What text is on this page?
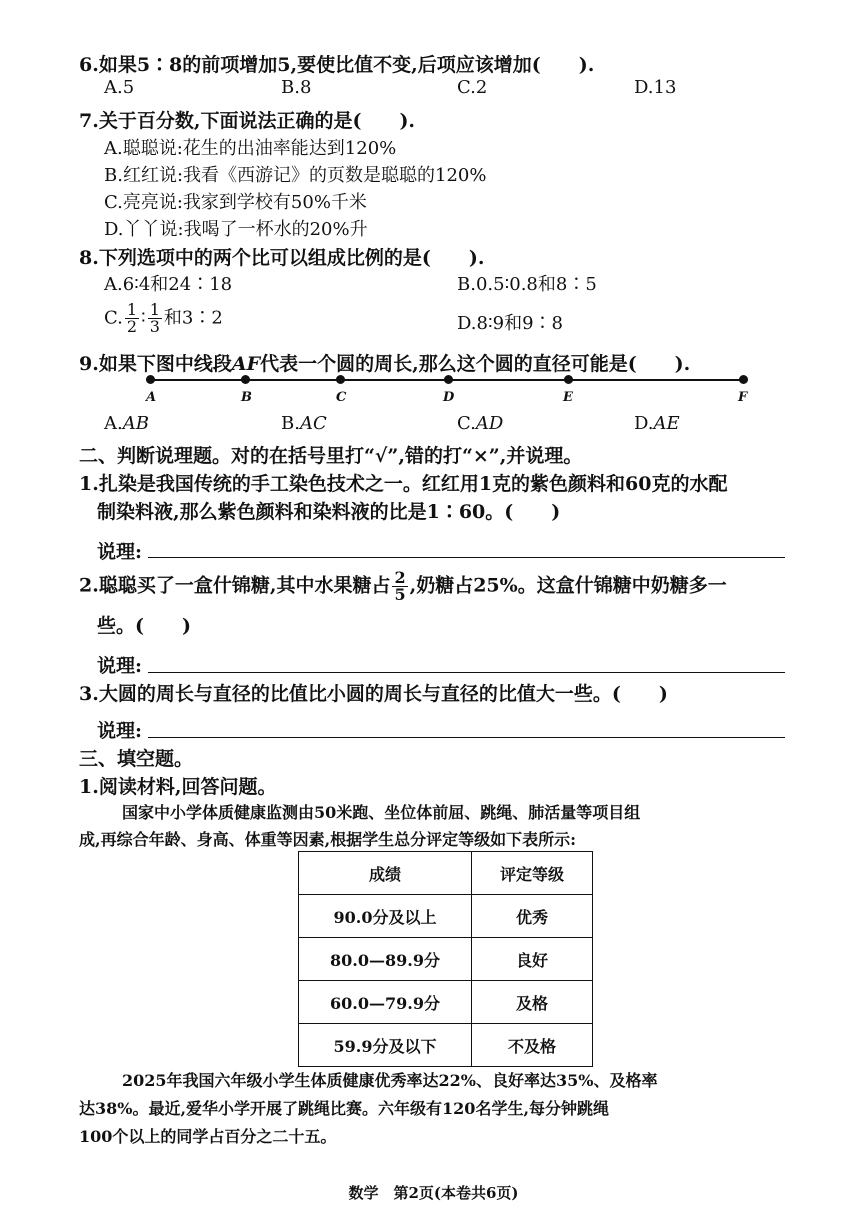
6.如果5∶8的前项增加5,要使比值不变,后项应该增加(　　).
A.5	B.8	C.2	D.13
7.关于百分数,下面说法正确的是(　　).
A.聪聪说:花生的出油率能达到120%
B.红红说:我看《西游记》的页数是聪聪的120%
C.亮亮说:我家到学校有50%千米
D.丫丫说:我喝了一杯水的20%升
8.下列选项中的两个比可以组成比例的是(　　).
A.6∶4和24∶18	B.0.5∶0.8和8∶5
C. $\frac{1}{2}$ ∶ $\frac{1}{3}$ 和3∶2	D.8∶9和9∶8
9.如果下图中线段AF代表一个圆的周长,那么这个圆的直径可能是(　　).
A	B	C	D	E	F
A.AB	B.AC	C.AD	D.AE
二、判断说理题。对的在括号里打“√”,错的打“×”,并说理。
1.扎染是我国传统的手工染色技术之一。红红用1克的紫色颜料和60克的水配
制染料液,那么紫色颜料和染料液的比是1∶60。(　　)
说理:
2.聪聪买了一盒什锦糖,其中水果糖占 $\frac{2}{5}$ ,奶糖占25%。这盒什锦糖中奶糖多一
些。(　　)
说理:
3.大圆的周长与直径的比值比小圆的周长与直径的比值大一些。(　　)
说理:
三、填空题。
1.阅读材料,回答问题。
国家中小学体质健康监测由50米跑、坐位体前屈、跳绳、肺活量等项目组
成,再综合年龄、身高、体重等因素,根据学生总分评定等级如下表所示:
成绩	评定等级
90.0分及以上	优秀
80.0—89.9分	良好
60.0—79.9分	及格
59.9分及以下	不及格
2025年我国六年级小学生体质健康优秀率达22%、良好率达35%、及格率
达38%。最近,爱华小学开展了跳绳比赛。六年级有120名学生,每分钟跳绳
100个以上的同学占百分之二十五。
数学　第2页(本卷共6页)
